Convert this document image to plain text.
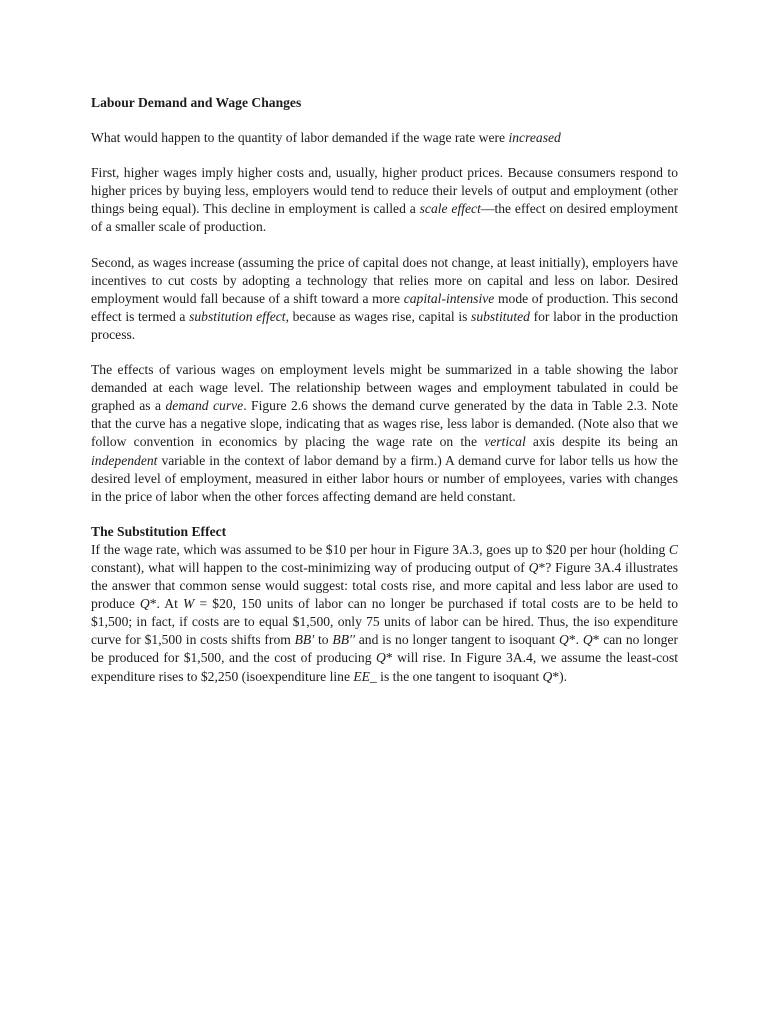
Labour Demand and Wage Changes

What would happen to the quantity of labor demanded if the wage rate were increased

First, higher wages imply higher costs and, usually, higher product prices. Because consumers respond to higher prices by buying less, employers would tend to reduce their levels of output and employment (other things being equal). This decline in employment is called a scale effect—the effect on desired employment of a smaller scale of production.

Second, as wages increase (assuming the price of capital does not change, at least initially), employers have incentives to cut costs by adopting a technology that relies more on capital and less on labor. Desired employment would fall because of a shift toward a more capital-intensive mode of production. This second effect is termed a substitution effect, because as wages rise, capital is substituted for labor in the production process.

The effects of various wages on employment levels might be summarized in a table showing the labor demanded at each wage level. The relationship between wages and employment tabulated in could be graphed as a demand curve. Figure 2.6 shows the demand curve generated by the data in Table 2.3. Note that the curve has a negative slope, indicating that as wages rise, less labor is demanded. (Note also that we follow convention in economics by placing the wage rate on the vertical axis despite its being an independent variable in the context of labor demand by a firm.) A demand curve for labor tells us how the desired level of employment, measured in either labor hours or number of employees, varies with changes in the price of labor when the other forces affecting demand are held constant.

The Substitution Effect

If the wage rate, which was assumed to be $10 per hour in Figure 3A.3, goes up to $20 per hour (holding C constant), what will happen to the cost-minimizing way of producing output of Q*? Figure 3A.4 illustrates the answer that common sense would suggest: total costs rise, and more capital and less labor are used to produce Q*. At W = $20, 150 units of labor can no longer be purchased if total costs are to be held to $1,500; in fact, if costs are to equal $1,500, only 75 units of labor can be hired. Thus, the iso expenditure curve for $1,500 in costs shifts from BB′ to BB′′ and is no longer tangent to isoquant Q*. Q* can no longer be produced for $1,500, and the cost of producing Q* will rise. In Figure 3A.4, we assume the least-cost expenditure rises to $2,250 (isoexpenditure line EE_ is the one tangent to isoquant Q*).
